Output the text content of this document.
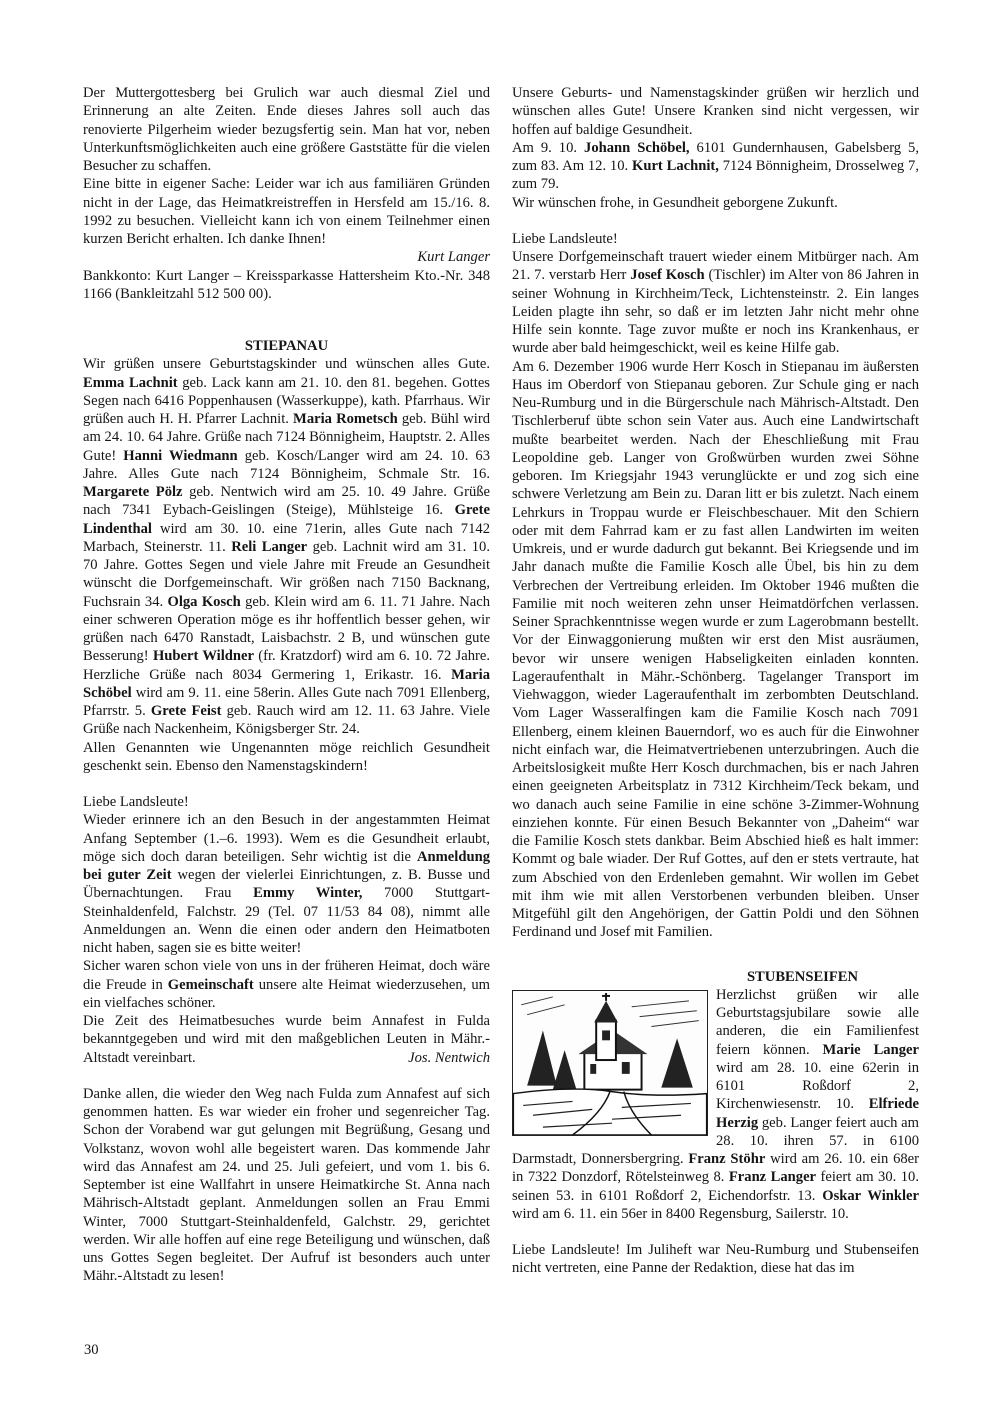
Der Muttergottesberg bei Grulich war auch diesmal Ziel und Erinnerung an alte Zeiten. Ende dieses Jahres soll auch das renovierte Pilgerheim wieder bezugsfertig sein. Man hat vor, neben Unterkunftsmöglichkeiten auch eine größere Gaststätte für die vielen Besucher zu schaffen.

Eine bitte in eigener Sache: Leider war ich aus familiären Gründen nicht in der Lage, das Heimatkreistreffen in Hersfeld am 15./16. 8. 1992 zu besuchen. Vielleicht kann ich von einem Teilnehmer einen kurzen Bericht erhalten. Ich danke Ihnen!

Kurt Langer

Bankkonto: Kurt Langer – Kreissparkasse Hattersheim Kto.-Nr. 348 1166 (Bankleitzahl 512 500 00).

STIEPANAU

Wir grüßen unsere Geburtstagskinder und wünschen alles Gute. Emma Lachnit geb. Lack kann am 21. 10. den 81. begehen. Gottes Segen nach 6416 Poppenhausen (Wasserkuppe), kath. Pfarrhaus. Wir grüßen auch H. H. Pfarrer Lachnit. Maria Rometsch geb. Bühl wird am 24. 10. 64 Jahre. Grüße nach 7124 Bönnigheim, Hauptstr. 2. Alles Gute! Hanni Wiedmann geb. Kosch/Langer wird am 24. 10. 63 Jahre. Alles Gute nach 7124 Bönnigheim, Schmale Str. 16. Margarete Pölz geb. Nentwich wird am 25. 10. 49 Jahre. Grüße nach 7341 Eybach-Geislingen (Steige), Mühlsteige 16. Grete Lindenthal wird am 30. 10. eine 71erin, alles Gute nach 7142 Marbach, Steinerstr. 11. Reli Langer geb. Lachnit wird am 31. 10. 70 Jahre. Gottes Segen und viele Jahre mit Freude an Gesundheit wünscht die Dorfgemeinschaft. Wir größen nach 7150 Backnang, Fuchsrain 34. Olga Kosch geb. Klein wird am 6. 11. 71 Jahre. Nach einer schweren Operation möge es ihr hoffentlich besser gehen, wir grüßen nach 6470 Ranstadt, Laisbachstr. 2 B, und wünschen gute Besserung! Hubert Wildner (fr. Kratzdorf) wird am 6. 10. 72 Jahre. Herzliche Grüße nach 8034 Germering 1, Erikastr. 16. Maria Schöbel wird am 9. 11. eine 58erin. Alles Gute nach 7091 Ellenberg, Pfarrstr. 5. Grete Feist geb. Rauch wird am 12. 11. 63 Jahre. Viele Grüße nach Nackenheim, Königsberger Str. 24.

Allen Genannten wie Ungenannten möge reichlich Gesundheit geschenkt sein. Ebenso den Namenstagskindern!

Liebe Landsleute!

Wieder erinnere ich an den Besuch in der angestammten Heimat Anfang September (1.–6. 1993). Wem es die Gesundheit erlaubt, möge sich doch daran beteiligen. Sehr wichtig ist die Anmeldung bei guter Zeit wegen der vielerlei Einrichtungen, z. B. Busse und Übernachtungen. Frau Emmy Winter, 7000 Stuttgart-Steinhaldenfeld, Falchstr. 29 (Tel. 07 11/53 84 08), nimmt alle Anmeldungen an. Wenn die einen oder andern den Heimatboten nicht haben, sagen sie es bitte weiter!

Sicher waren schon viele von uns in der früheren Heimat, doch wäre die Freude in Gemeinschaft unsere alte Heimat wiederzusehen, um ein vielfaches schöner.

Die Zeit des Heimatbesuches wurde beim Annafest in Fulda bekanntgegeben und wird mit den maßgeblichen Leuten in Mähr.-Altstadt vereinbart.	Jos. Nentwich

Danke allen, die wieder den Weg nach Fulda zum Annafest auf sich genommen hatten. Es war wieder ein froher und segenreicher Tag. Schon der Vorabend war gut gelungen mit Begrüßung, Gesang und Volkstanz, wovon wohl alle begeistert waren. Das kommende Jahr wird das Annafest am 24. und 25. Juli gefeiert, und vom 1. bis 6. September ist eine Wallfahrt in unsere Heimatkirche St. Anna nach Mährisch-Altstadt geplant. Anmeldungen sollen an Frau Emmi Winter, 7000 Stuttgart-Steinhaldenfeld, Galchstr. 29, gerichtet werden. Wir alle hoffen auf eine rege Beteiligung und wünschen, daß uns Gottes Segen begleitet. Der Aufruf ist besonders auch unter Mähr.-Altstadt zu lesen!

Unsere Geburts- und Namenstagskinder grüßen wir herzlich und wünschen alles Gute! Unsere Kranken sind nicht vergessen, wir hoffen auf baldige Gesundheit.

Am 9. 10. Johann Schöbel, 6101 Gundernhausen, Gabelsberg 5, zum 83. Am 12. 10. Kurt Lachnit, 7124 Bönnigheim, Drosselweg 7, zum 79.

Wir wünschen frohe, in Gesundheit geborgene Zukunft.

Liebe Landsleute!

Unsere Dorfgemeinschaft trauert wieder einem Mitbürger nach. Am 21. 7. verstarb Herr Josef Kosch (Tischler) im Alter von 86 Jahren in seiner Wohnung in Kirchheim/Teck, Lichtensteinstr. 2. Ein langes Leiden plagte ihn sehr, so daß er im letzten Jahr nicht mehr ohne Hilfe sein konnte. Tage zuvor mußte er noch ins Krankenhaus, er wurde aber bald heimgeschickt, weil es keine Hilfe gab.

Am 6. Dezember 1906 wurde Herr Kosch in Stiepanau im äußersten Haus im Oberdorf von Stiepanau geboren. Zur Schule ging er nach Neu-Rumburg und in die Bürgerschule nach Mährisch-Altstadt. Den Tischlerberuf übte schon sein Vater aus. Auch eine Landwirtschaft mußte bearbeitet werden. Nach der Eheschließung mit Frau Leopoldine geb. Langer von Großwürben wurden zwei Söhne geboren. Im Kriegsjahr 1943 verunglückte er und zog sich eine schwere Verletzung am Bein zu. Daran litt er bis zuletzt. Nach einem Lehrkurs in Troppau wurde er Fleischbeschauer. Mit den Schiern oder mit dem Fahrrad kam er zu fast allen Landwirten im weiten Umkreis, und er wurde dadurch gut bekannt. Bei Kriegsende und im Jahr danach mußte die Familie Kosch alle Übel, bis hin zu dem Verbrechen der Vertreibung erleiden. Im Oktober 1946 mußten die Familie mit noch weiteren zehn unser Heimatdörfchen verlassen. Seiner Sprachkenntnisse wegen wurde er zum Lagerobmann bestellt. Vor der Einwaggonierung mußten wir erst den Mist ausräumen, bevor wir unsere wenigen Habseligkeiten einladen konnten. Lageraufenthalt in Mähr.-Schönberg. Tagelanger Transport im Viehwaggon, wieder Lageraufenthalt im zerbombten Deutschland. Vom Lager Wasseralfingen kam die Familie Kosch nach 7091 Ellenberg, einem kleinen Bauerndorf, wo es auch für die Einwohner nicht einfach war, die Heimatvertriebenen unterzubringen. Auch die Arbeitslosigkeit mußte Herr Kosch durchmachen, bis er nach Jahren einen geeigneten Arbeitsplatz in 7312 Kirchheim/Teck bekam, und wo danach auch seine Familie in eine schöne 3-Zimmer-Wohnung einziehen konnte. Für einen Besuch Bekannter von „Daheim“ war die Familie Kosch stets dankbar. Beim Abschied hieß es halt immer: Kommt og bale wiader. Der Ruf Gottes, auf den er stets vertraute, hat zum Abschied von den Erdenleben gemahnt. Wir wollen im Gebet mit ihm wie mit allen Verstorbenen verbunden bleiben. Unser Mitgefühl gilt den Angehörigen, der Gattin Poldi und den Söhnen Ferdinand und Josef mit Familien.

STUBENSEIFEN

Herzlichst grüßen wir alle Geburtstagsjubilare sowie alle anderen, die ein Familienfest feiern können. Marie Langer wird am 28. 10. eine 62erin in 6101 Roßdorf 2, Kirchenwiesenstr. 10. Elfriede Herzig geb. Langer feiert auch am 28. 10. ihren 57. in 6100 Darmstadt, Donnersbergring. Franz Stöhr wird am 26. 10. ein 68er in 7322 Donzdorf, Rötelsteinweg 8. Franz Langer feiert am 30. 10. seinen 53. in 6101 Roßdorf 2, Eichendorfstr. 13. Oskar Winkler wird am 6. 11. ein 56er in 8400 Regensburg, Sailerstr. 10.

Liebe Landsleute! Im Juliheft war Neu-Rumburg und Stubenseifen nicht vertreten, eine Panne der Redaktion, diese hat das im

30
